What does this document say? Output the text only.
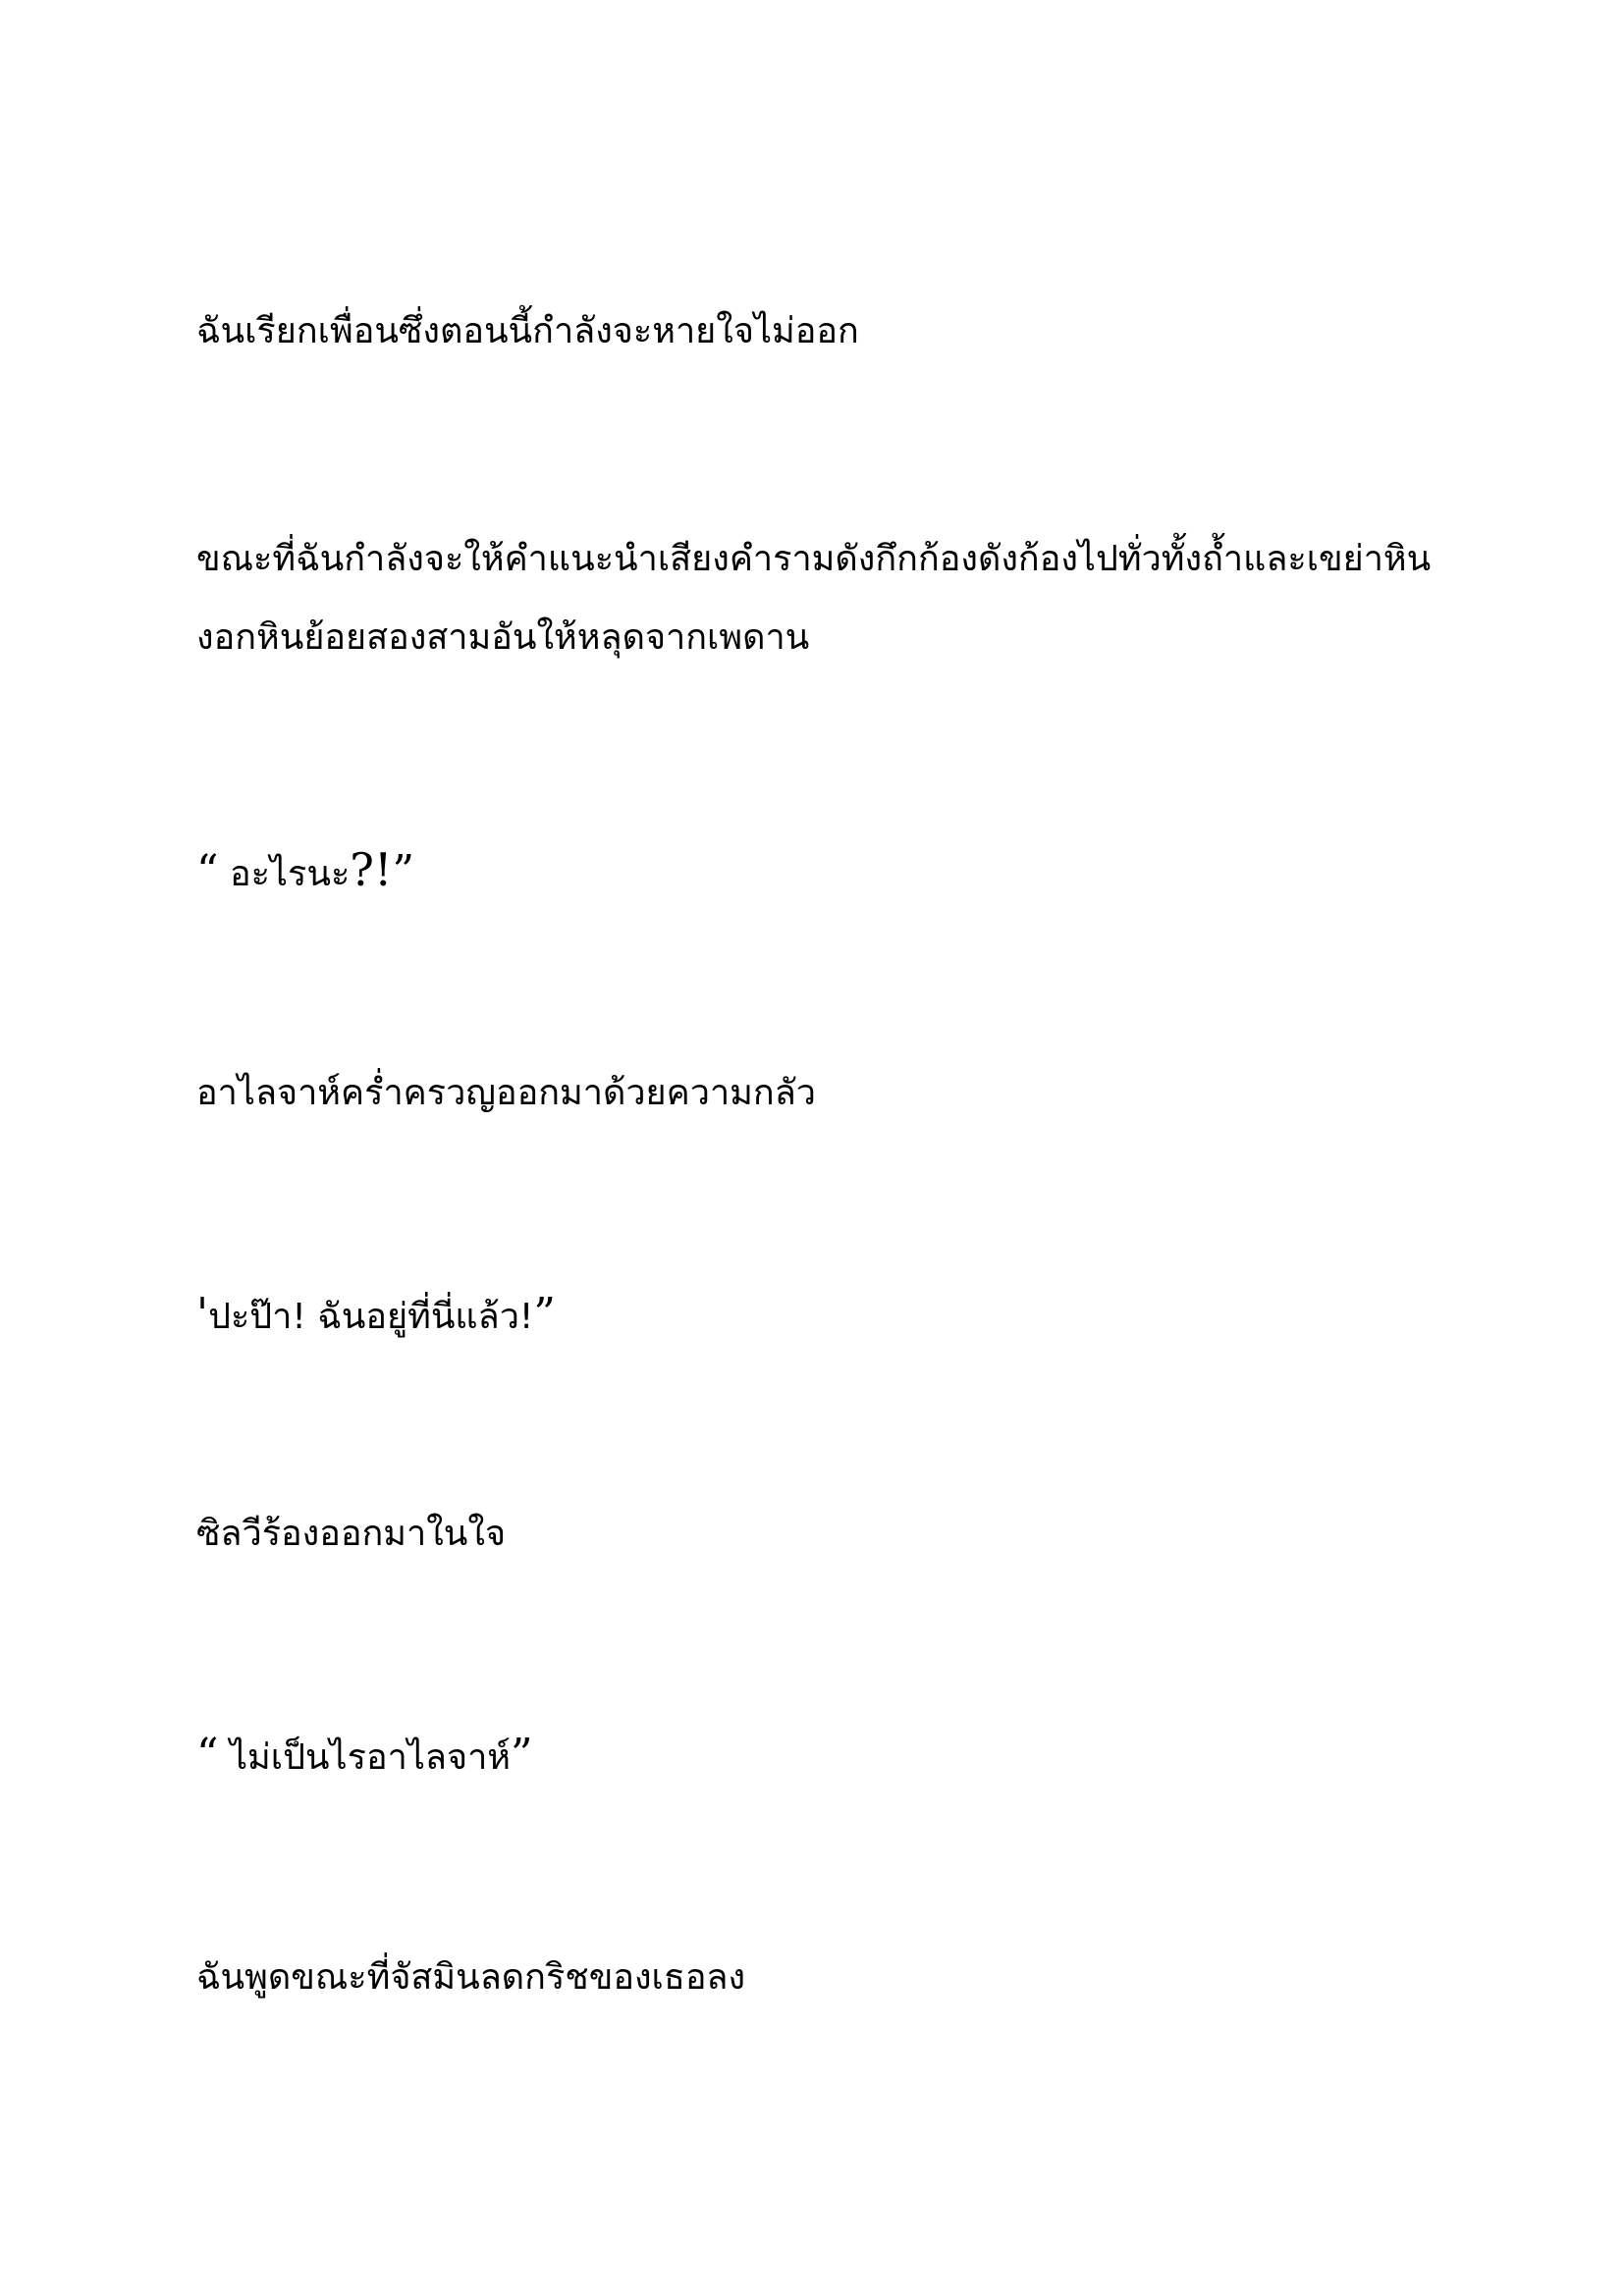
ฉันเรียกเพื่อนซึ่งตอนนี้กำลังจะหายใจไม่ออก

ขณะที่ฉันกำลังจะให้คำแนะนำเสียงคำรามดังกึกก้องดังก้องไปทั่วทั้งถ้ำและเขย่าหิน
งอกหินย้อยสองสามอันให้หลุดจากเพดาน

“ อะไรนะ?!”

อาไลจาห์คร่ำครวญออกมาด้วยความกลัว

'ปะป๊า! ฉันอยู่ที่นี่แล้ว!”

ซิลวีร้องออกมาในใจ

“ ไม่เป็นไรอาไลจาห์”

ฉันพูดขณะที่จัสมินลดกริชของเธอลง
